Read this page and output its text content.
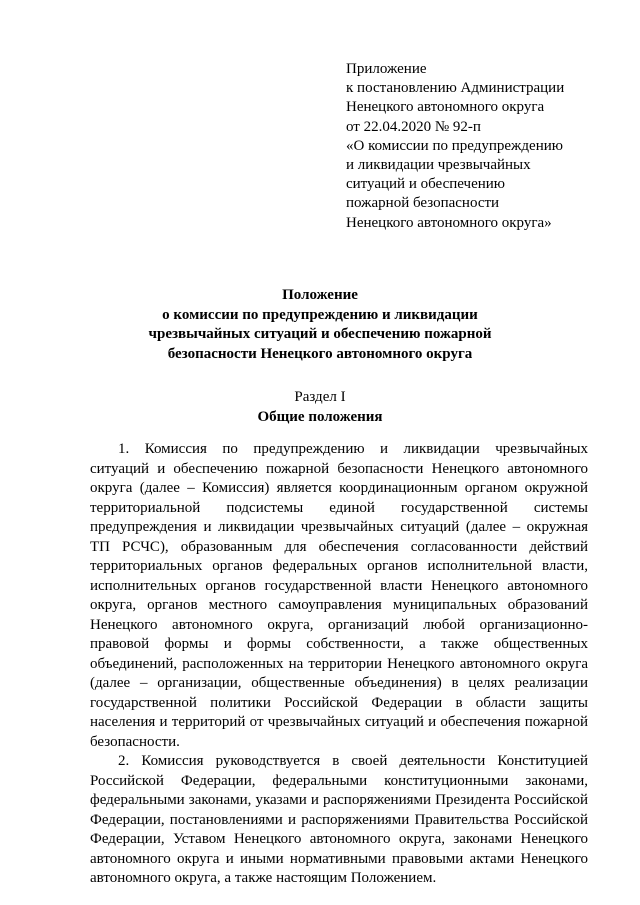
Приложение
к постановлению Администрации
Ненецкого автономного округа
от 22.04.2020 № 92-п
«О комиссии по предупреждению
и ликвидации чрезвычайных
ситуаций и обеспечению
пожарной безопасности
Ненецкого автономного округа»
Положение
о комиссии по предупреждению и ликвидации
чрезвычайных ситуаций и обеспечению пожарной
безопасности Ненецкого автономного округа
Раздел I
Общие положения
1. Комиссия по предупреждению и ликвидации чрезвычайных
ситуаций и обеспечению пожарной безопасности Ненецкого автономного
округа (далее – Комиссия) является координационным органом окружной
территориальной подсистемы единой государственной системы
предупреждения и ликвидации чрезвычайных ситуаций (далее – окружная
ТП РСЧС), образованным для обеспечения согласованности действий
территориальных органов федеральных органов исполнительной власти,
исполнительных органов государственной власти Ненецкого автономного
округа, органов местного самоуправления муниципальных образований
Ненецкого автономного округа, организаций любой организационно-
правовой формы и формы собственности, а также общественных
объединений, расположенных на территории Ненецкого автономного округа
(далее – организации, общественные объединения) в целях реализации
государственной политики Российской Федерации в области защиты
населения и территорий от чрезвычайных ситуаций и обеспечения пожарной
безопасности.
2. Комиссия руководствуется в своей деятельности Конституцией
Российской Федерации, федеральными конституционными законами,
федеральными законами, указами и распоряжениями Президента Российской
Федерации, постановлениями и распоряжениями Правительства Российской
Федерации, Уставом Ненецкого автономного округа, законами Ненецкого
автономного округа и иными нормативными правовыми актами Ненецкого
автономного округа, а также настоящим Положением.
